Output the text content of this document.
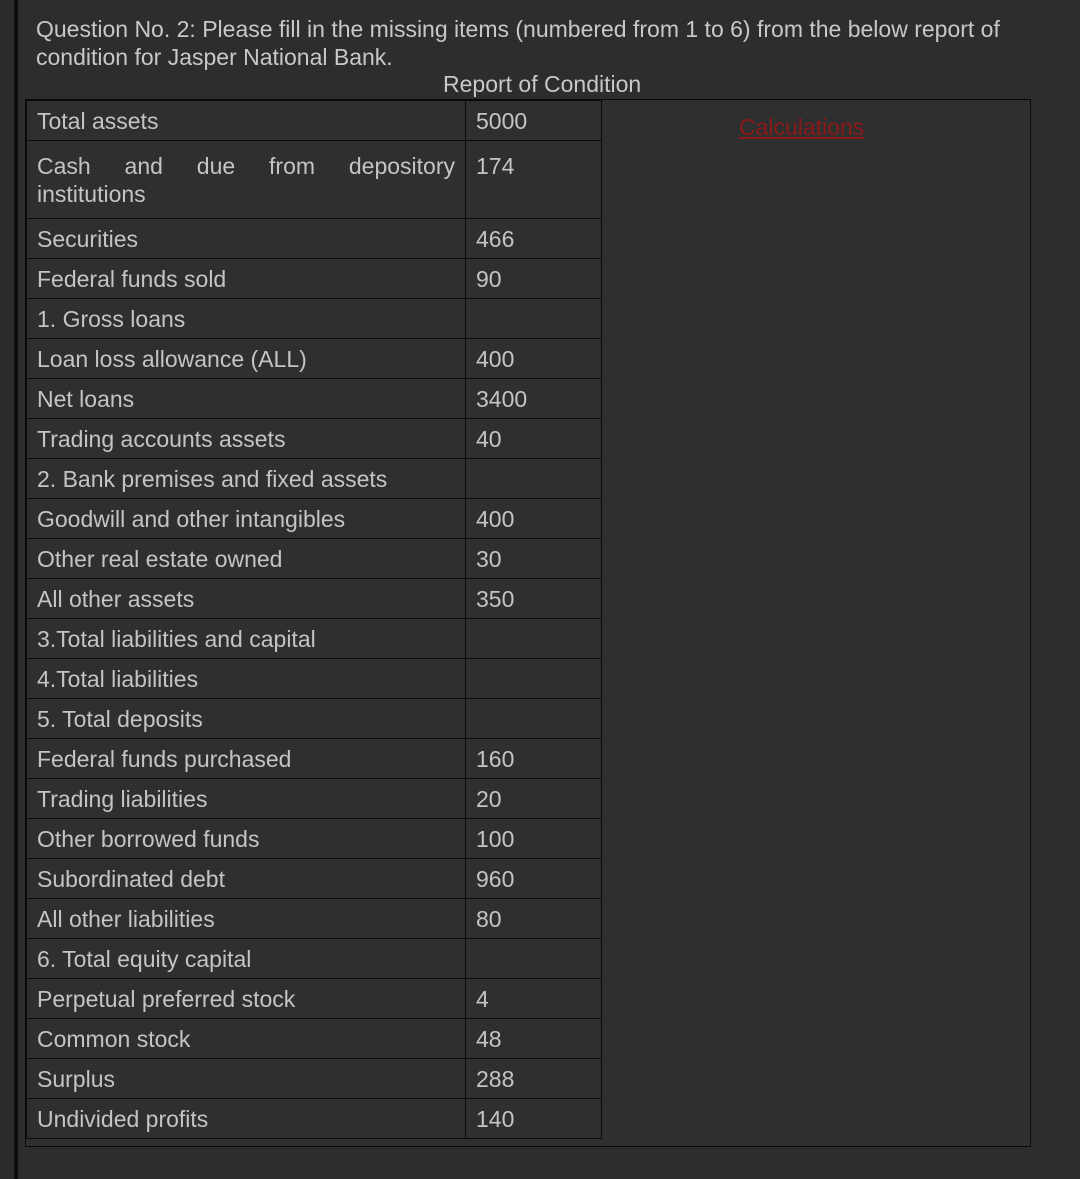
Question No. 2: Please fill in the missing items (numbered from 1 to 6) from the below report of condition for Jasper National Bank.

Report of Condition
Total assets	5000

Cash and due from depository
institutions	174
Securities	466
Federal funds sold	90
1. Gross loans	
Loan loss allowance (ALL)	400
Net loans	3400
Trading accounts assets	40
2. Bank premises and fixed assets	
Goodwill and other intangibles	400
Other real estate owned	30
All other assets	350
3.Total liabilities and capital	
4.Total liabilities	
5. Total deposits	
Federal funds purchased	160
Trading liabilities	20
Other borrowed funds	100
Subordinated debt	960
All other liabilities	80
6. Total equity capital	
Perpetual preferred stock	4
Common stock	48
Surplus	288
Undivided profits	140
Calculations
